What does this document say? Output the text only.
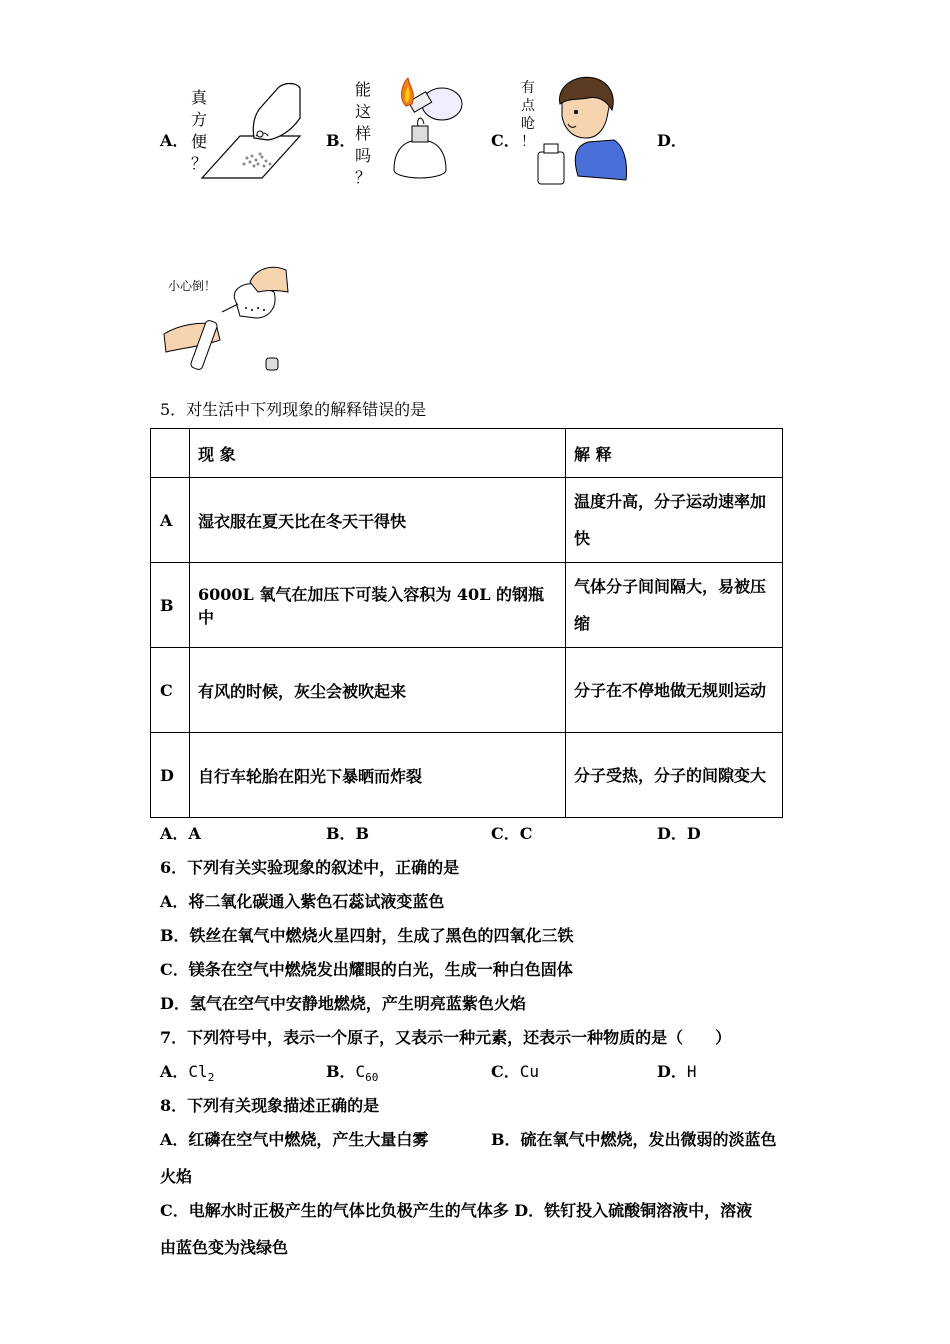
A．
真
方
便
？
B．
能
这
样
吗
？
C．
有
点
呛
！	D．
小心倒！
5．对生活中下列现象的解释错误的是
	现 象	解 释
A	湿衣服在夏天比在冬天干得快	温度升高，分子运动速率加快
B	6000L 氧气在加压下可装入容积为 40L 的钢瓶中	气体分子间间隔大，易被压缩
C	有风的时候，灰尘会被吹起来	分子在不停地做无规则运动
D	自行车轮胎在阳光下暴晒而炸裂	分子受热，分子的间隙变大
A．A	B．B	C．C	D．D
6．下列有关实验现象的叙述中，正确的是
A．将二氧化碳通入紫色石蕊试液变蓝色
B．铁丝在氧气中燃烧火星四射，生成了黑色的四氧化三铁
C．镁条在空气中燃烧发出耀眼的白光，生成一种白色固体
D．氢气在空气中安静地燃烧，产生明亮蓝紫色火焰
7．下列符号中，表示一个原子，又表示一种元素，还表示一种物质的是（　　）
A．$Cl_2$	B．$C_{60}$	C．Cu	D．H
8．下列有关现象描述正确的是
A．红磷在空气中燃烧，产生大量白雾	B．硫在氧气中燃烧，发出微弱的淡蓝色
火焰
C．电解水时正极产生的气体比负极产生的气体多 D．铁钉投入硫酸铜溶液中，溶液
由蓝色变为浅绿色
